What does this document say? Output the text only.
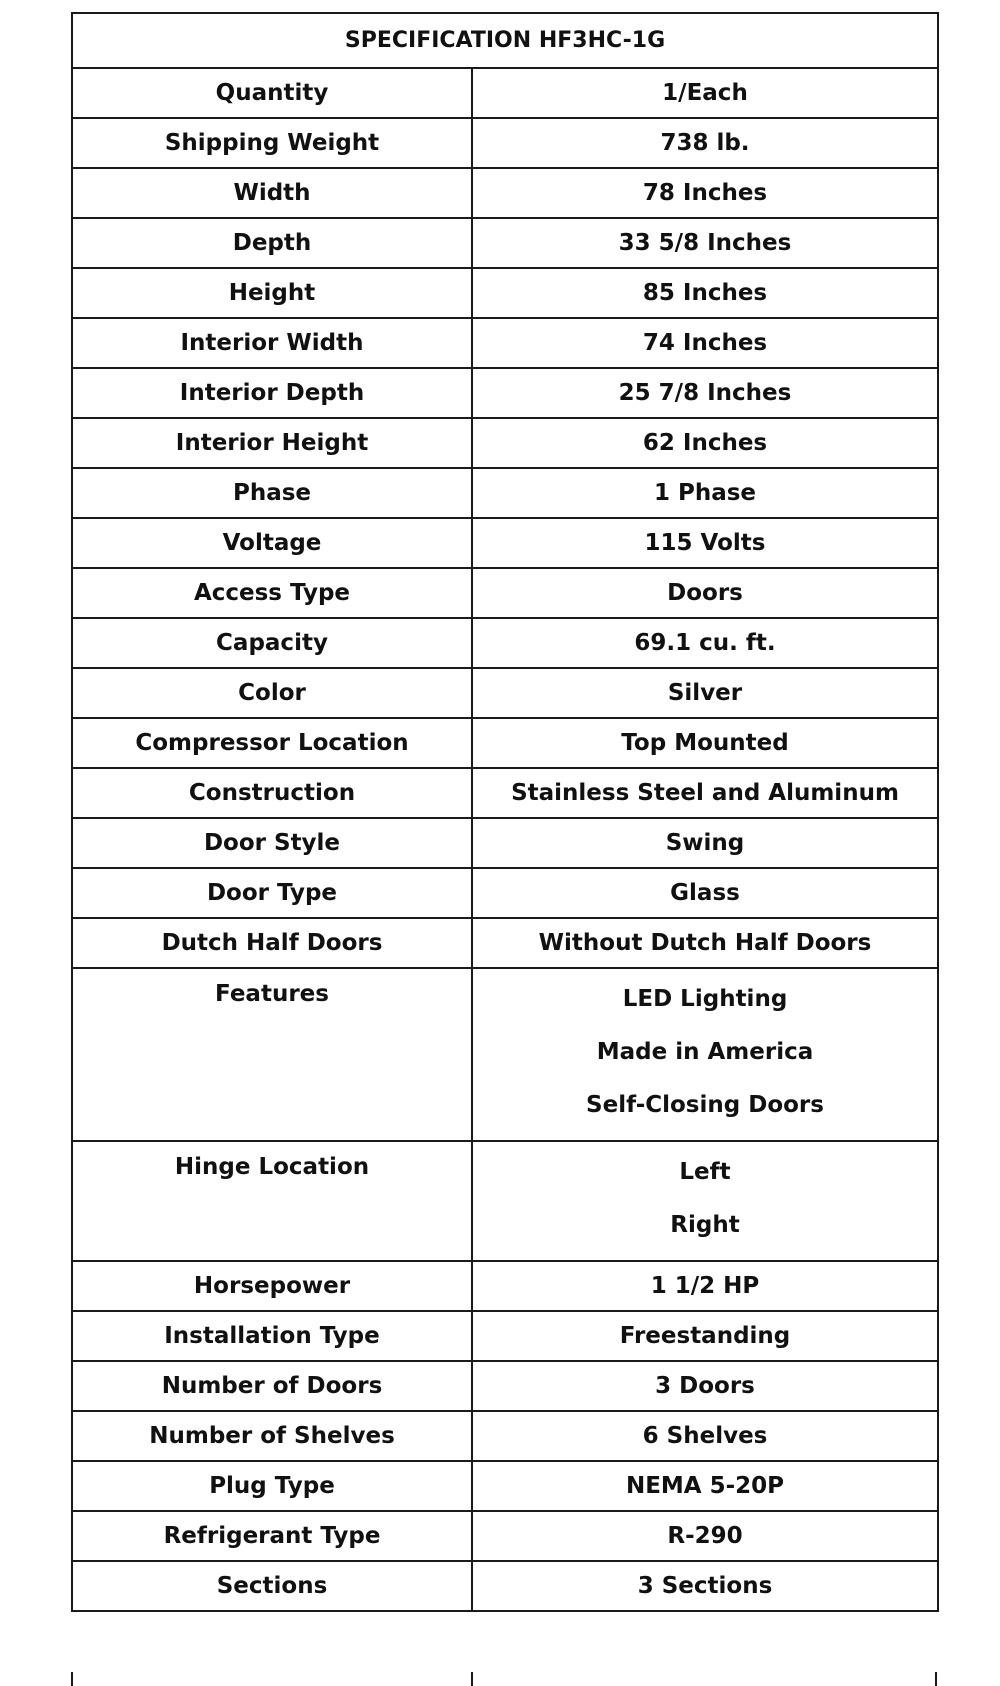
SPECIFICATION HF3HC-1G	
Quantity	1/Each
Shipping Weight	738 lb.
Width	78 Inches
Depth	33 5/8 Inches
Height	85 Inches
Interior Width	74 Inches
Interior Depth	25 7/8 Inches
Interior Height	62 Inches
Phase	1 Phase
Voltage	115 Volts
Access Type	Doors
Capacity	69.1 cu. ft.
Color	Silver
Compressor Location	Top Mounted
Construction	Stainless Steel and Aluminum
Door Style	Swing
Door Type	Glass
Dutch Half Doors	Without Dutch Half Doors
Features	LED Lighting
Made in America
Self-Closing Doors

Hinge Location	Left
Right

Horsepower	1 1/2 HP
Installation Type	Freestanding
Number of Doors	3 Doors
Number of Shelves	6 Shelves
Plug Type	NEMA 5-20P
Refrigerant Type	R-290
Sections	3 Sections
